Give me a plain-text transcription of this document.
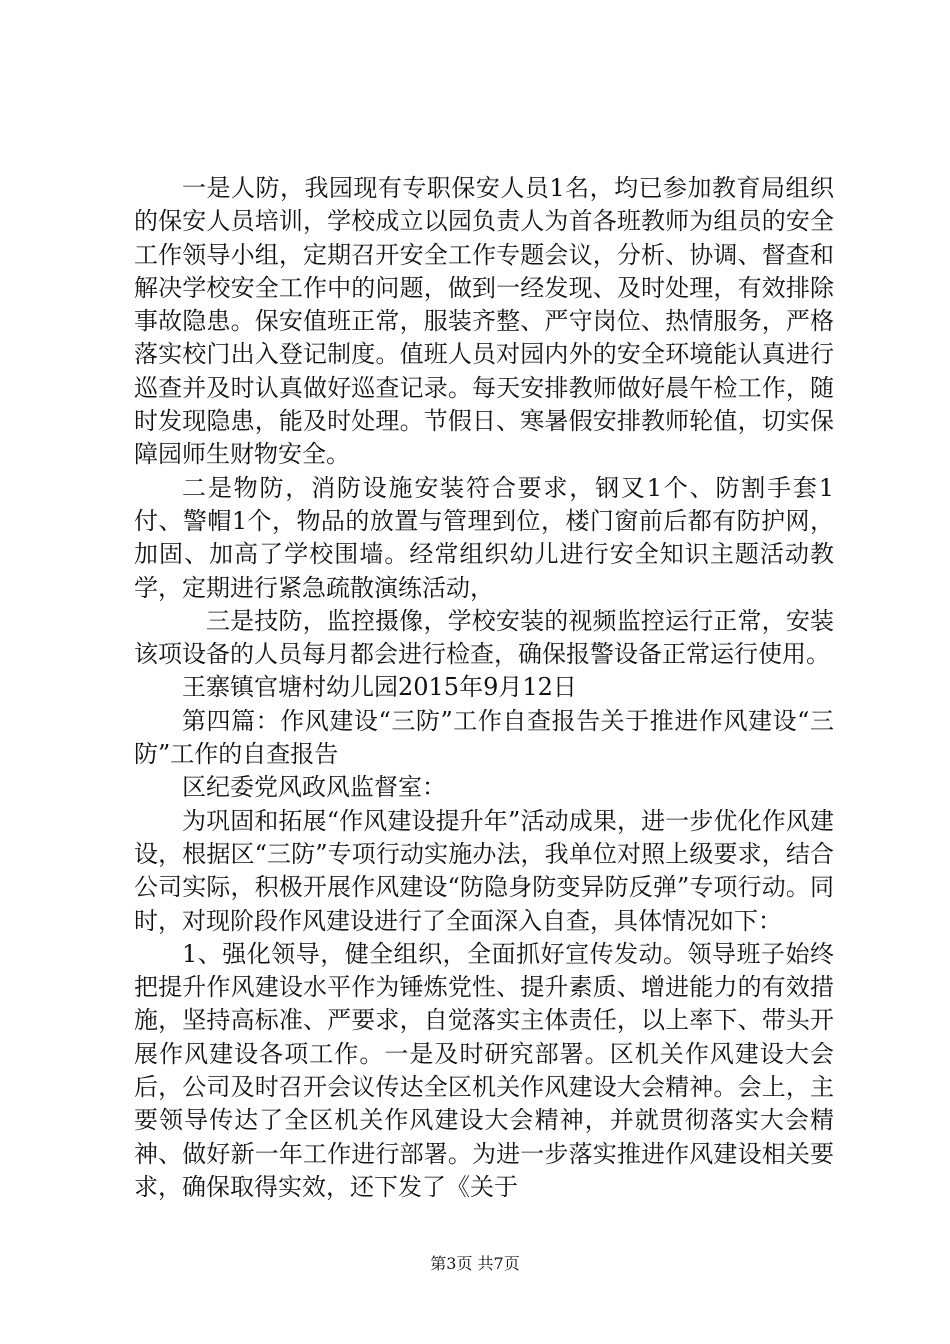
一是人防，我园现有专职保安人员1名，均已参加教育局组织的保安人员培训，学校成立以园负责人为首各班教师为组员的安全工作领导小组，定期召开安全工作专题会议，分析、协调、督查和解决学校安全工作中的问题，做到一经发现、及时处理，有效排除事故隐患。保安值班正常，服装齐整、严守岗位、热情服务，严格落实校门出入登记制度。值班人员对园内外的安全环境能认真进行巡查并及时认真做好巡查记录。每天安排教师做好晨午检工作，随时发现隐患，能及时处理。节假日、寒暑假安排教师轮值，切实保障园师生财物安全。

二是物防，消防设施安装符合要求，钢叉1个、防割手套1付、警帽1个，物品的放置与管理到位，楼门窗前后都有防护网，加固、加高了学校围墙。经常组织幼儿进行安全知识主题活动教学，定期进行紧急疏散演练活动，

三是技防，监控摄像，学校安装的视频监控运行正常，安装该项设备的人员每月都会进行检查，确保报警设备正常运行使用。

王寨镇官塘村幼儿园2015年9月12日

第四篇：作风建设“三防”工作自查报告关于推进作风建设“三防”工作的自查报告

区纪委党风政风监督室：

为巩固和拓展“作风建设提升年”活动成果，进一步优化作风建设，根据区“三防”专项行动实施办法，我单位对照上级要求，结合公司实际，积极开展作风建设“防隐身防变异防反弹”专项行动。同时，对现阶段作风建设进行了全面深入自查，具体情况如下：

1、强化领导，健全组织，全面抓好宣传发动。领导班子始终把提升作风建设水平作为锤炼党性、提升素质、增进能力的有效措施，坚持高标准、严要求，自觉落实主体责任，以上率下、带头开展作风建设各项工作。一是及时研究部署。区机关作风建设大会后，公司及时召开会议传达全区机关作风建设大会精神。会上，主要领导传达了全区机关作风建设大会精神，并就贯彻落实大会精神、做好新一年工作进行部署。为进一步落实推进作风建设相关要求，确保取得实效，还下发了《关于

第3页 共7页
